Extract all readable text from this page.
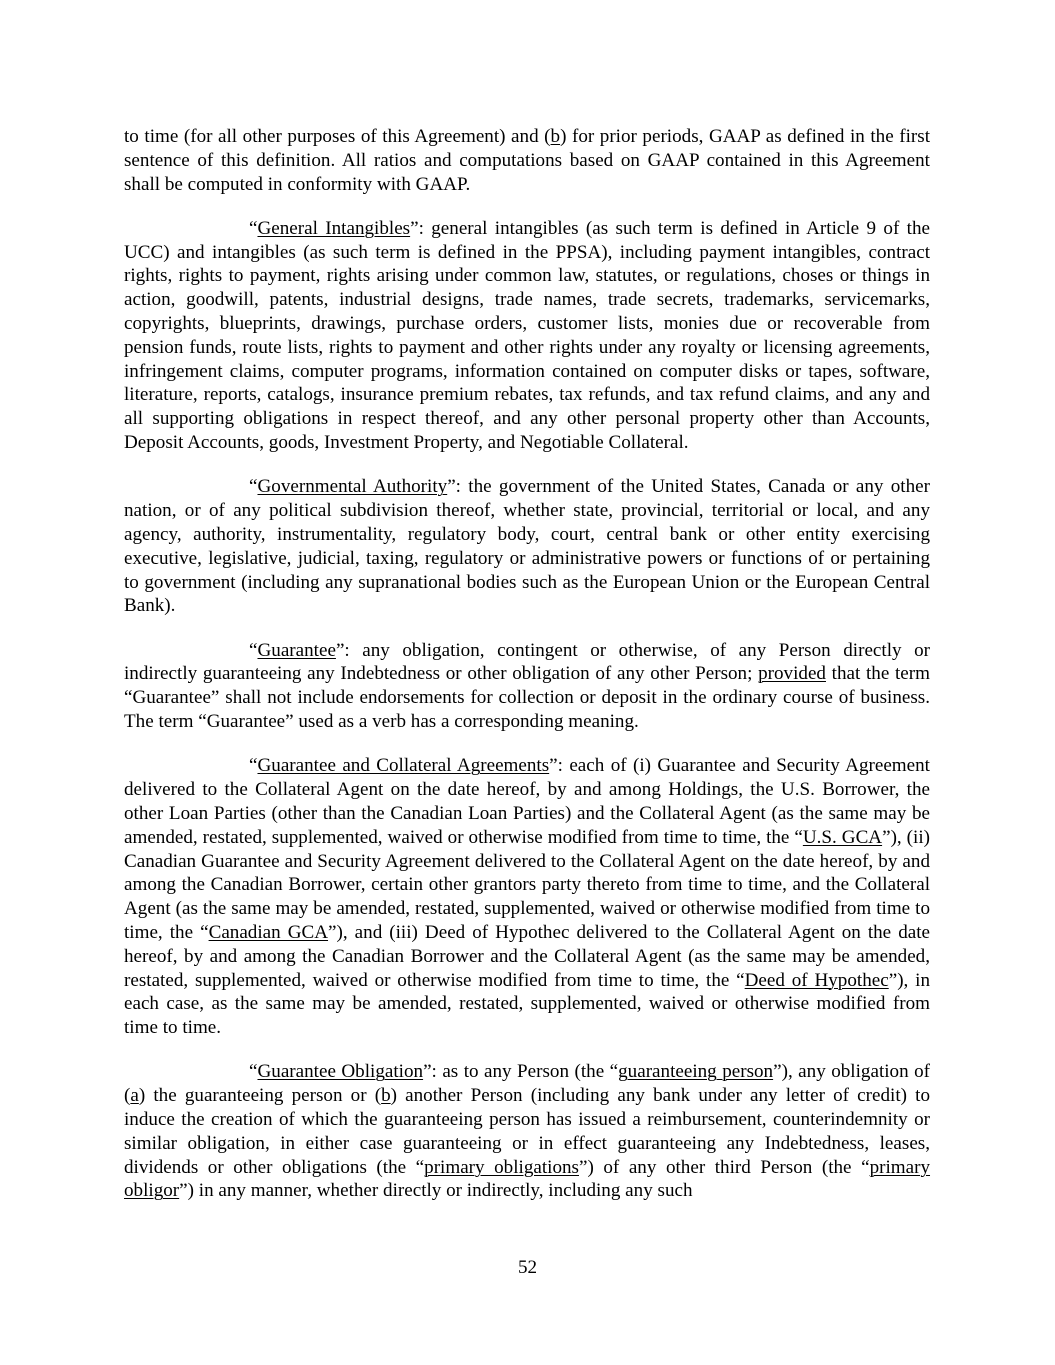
to time (for all other purposes of this Agreement) and (b) for prior periods, GAAP as defined in the first sentence of this definition. All ratios and computations based on GAAP contained in this Agreement shall be computed in conformity with GAAP.

“General Intangibles”: general intangibles (as such term is defined in Article 9 of the UCC) and intangibles (as such term is defined in the PPSA), including payment intangibles, contract rights, rights to payment, rights arising under common law, statutes, or regulations, choses or things in action, goodwill, patents, industrial designs, trade names, trade secrets, trademarks, servicemarks, copyrights, blueprints, drawings, purchase orders, customer lists, monies due or recoverable from pension funds, route lists, rights to payment and other rights under any royalty or licensing agreements, infringement claims, computer programs, information contained on computer disks or tapes, software, literature, reports, catalogs, insurance premium rebates, tax refunds, and tax refund claims, and any and all supporting obligations in respect thereof, and any other personal property other than Accounts, Deposit Accounts, goods, Investment Property, and Negotiable Collateral.

“Governmental Authority”: the government of the United States, Canada or any other nation, or of any political subdivision thereof, whether state, provincial, territorial or local, and any agency, authority, instrumentality, regulatory body, court, central bank or other entity exercising executive, legislative, judicial, taxing, regulatory or administrative powers or functions of or pertaining to government (including any supranational bodies such as the European Union or the European Central Bank).

“Guarantee”: any obligation, contingent or otherwise, of any Person directly or indirectly guaranteeing any Indebtedness or other obligation of any other Person; provided that the term “Guarantee” shall not include endorsements for collection or deposit in the ordinary course of business. The term “Guarantee” used as a verb has a corresponding meaning.

“Guarantee and Collateral Agreements”: each of (i) Guarantee and Security Agreement delivered to the Collateral Agent on the date hereof, by and among Holdings, the U.S. Borrower, the other Loan Parties (other than the Canadian Loan Parties) and the Collateral Agent (as the same may be amended, restated, supplemented, waived or otherwise modified from time to time, the “U.S. GCA”), (ii) Canadian Guarantee and Security Agreement delivered to the Collateral Agent on the date hereof, by and among the Canadian Borrower, certain other grantors party thereto from time to time, and the Collateral Agent (as the same may be amended, restated, supplemented, waived or otherwise modified from time to time, the “Canadian GCA”), and (iii) Deed of Hypothec delivered to the Collateral Agent on the date hereof, by and among the Canadian Borrower and the Collateral Agent (as the same may be amended, restated, supplemented, waived or otherwise modified from time to time, the “Deed of Hypothec”), in each case, as the same may be amended, restated, supplemented, waived or otherwise modified from time to time.

“Guarantee Obligation”: as to any Person (the “guaranteeing person”), any obligation of (a) the guaranteeing person or (b) another Person (including any bank under any letter of credit) to induce the creation of which the guaranteeing person has issued a reimbursement, counterindemnity or similar obligation, in either case guaranteeing or in effect guaranteeing any Indebtedness, leases, dividends or other obligations (the “primary obligations”) of any other third Person (the “primary obligor”) in any manner, whether directly or indirectly, including any such

52
